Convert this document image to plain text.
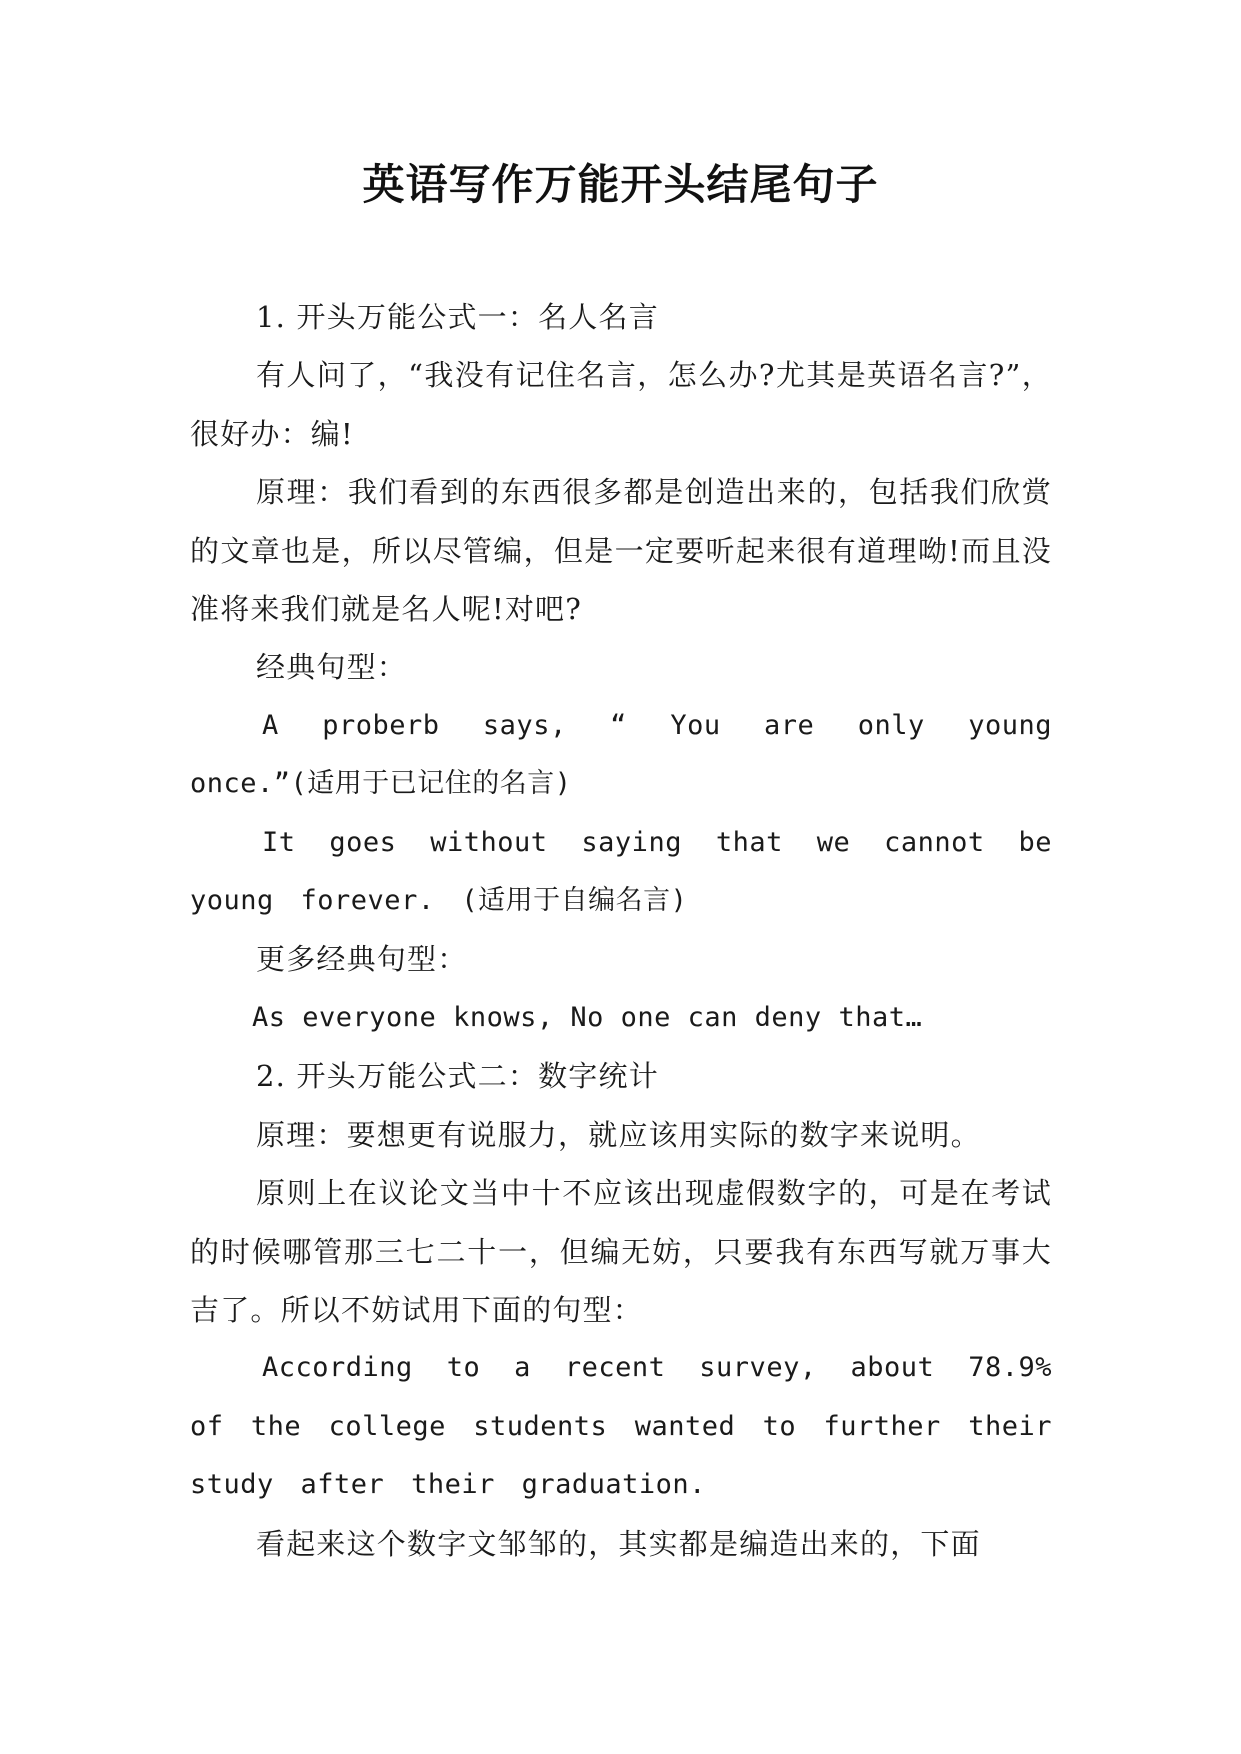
英语写作万能开头结尾句子

1. 开头万能公式一：名人名言

有人问了，“我没有记住名言，怎么办?尤其是英语名言?”，很好办：编!

原理：我们看到的东西很多都是创造出来的，包括我们欣赏的文章也是，所以尽管编，但是一定要听起来很有道理呦!而且没准将来我们就是名人呢!对吧?

经典句型：

A proberb says, “ You are only young once.”(适用于已记住的名言)

It goes without saying that we cannot be young forever. (适用于自编名言)

更多经典句型：

As everyone knows, No one can deny that…

2. 开头万能公式二：数字统计

原理：要想更有说服力，就应该用实际的数字来说明。

原则上在议论文当中十不应该出现虚假数字的，可是在考试的时候哪管那三七二十一，但编无妨，只要我有东西写就万事大吉了。所以不妨试用下面的句型：

According to a recent survey, about 78.9% of the college students wanted to further their study after their graduation.

看起来这个数字文邹邹的，其实都是编造出来的，下面
